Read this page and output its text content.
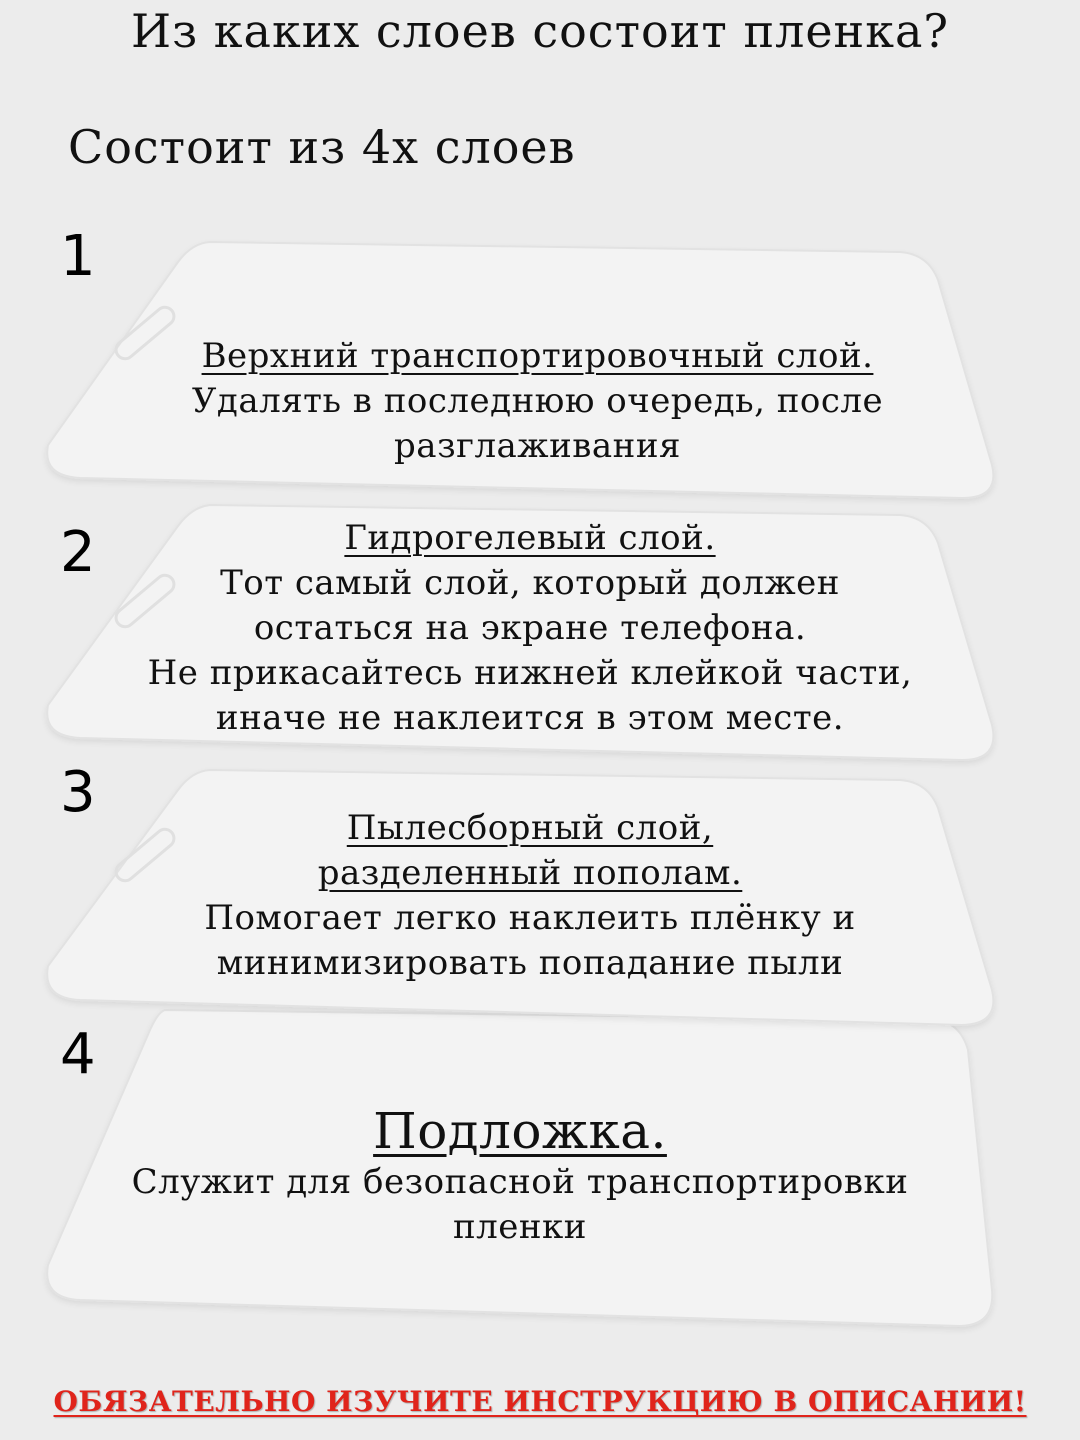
Из каких слоев состоит пленка?
Состоит из 4х слоев
1
2
3
4
Верхний транспортировочный слой.
Удалять в последнюю очередь, после
разглаживания
Гидрогелевый слой.
Тот самый слой, который должен
остаться на экране телефона.
Не прикасайтесь нижней клейкой части,
иначе не наклеится в этом месте.
Пылесборный слой,
разделенный пополам.
Помогает легко наклеить плёнку и
минимизировать попадание пыли
Подложка.
Служит для безопасной транспортировки
пленки
ОБЯЗАТЕЛЬНО ИЗУЧИТЕ ИНСТРУКЦИЮ В ОПИСАНИИ!
